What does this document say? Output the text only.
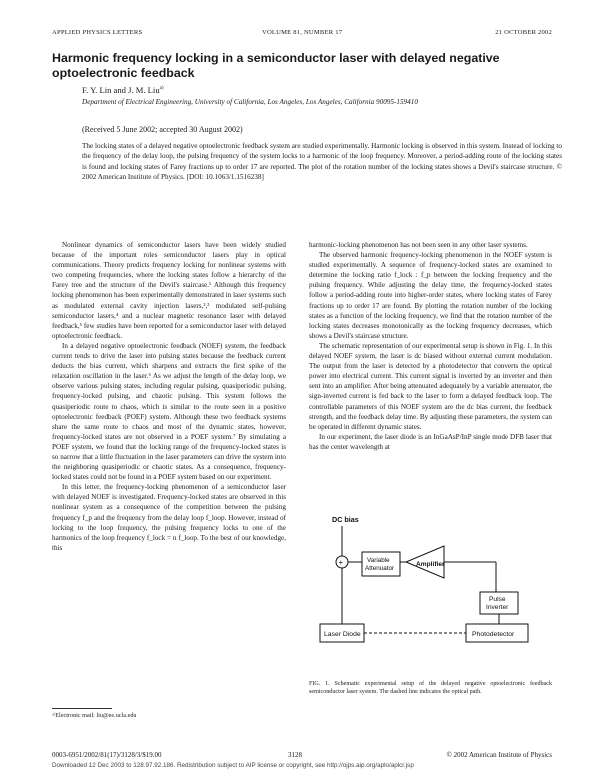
APPLIED PHYSICS LETTERS	VOLUME 81, NUMBER 17	21 OCTOBER 2002
Harmonic frequency locking in a semiconductor laser with delayed negative optoelectronic feedback
F. Y. Lin and J. M. Liu$^{a)}$
Department of Electrical Engineering, University of California, Los Angeles, Los Angeles, California 90095-159410
(Received 5 June 2002; accepted 30 August 2002)
The locking states of a delayed negative optoelectronic feedback system are studied experimentally. Harmonic locking is observed in this system. Instead of locking to the frequency of the delay loop, the pulsing frequency of the system locks to a harmonic of the loop frequency. Moreover, a period-adding route of the locking states is found and locking states of Farey fractions up to order 17 are reported. The plot of the rotation number of the locking states shows a Devil's staircase structure. © 2002 American Institute of Physics. [DOI: 10.1063/1.1516238]

Nonlinear dynamics of semiconductor lasers have been widely studied because of the important roles semiconductor lasers play in optical communications. Theory predicts frequency locking for nonlinear systems with two competing frequencies, where the locking states follow a hierarchy of the Farey tree and the structure of the Devil's staircase.¹ Although this frequency locking phenomenon has been experimentally demonstrated in laser systems such as modulated external cavity injection lasers,²,³ modulated self-pulsing semiconductor lasers,⁴ and a nuclear magnetic resonance laser with delayed feedback,⁵ few studies have been reported for a semiconductor laser with delayed optoelectronic feedback.

In a delayed negative optoelectronic feedback (NOEF) system, the feedback current tends to drive the laser into pulsing states because the feedback current deducts the bias current, which sharpens and extracts the first spike of the relaxation oscillation in the laser.⁶ As we adjust the length of the delay loop, we observe various pulsing states, including regular pulsing, quasiperiodic pulsing, frequency-locked pulsing, and chaotic pulsing. This system follows the quasiperiodic route to chaos, which is similar to the route seen in a positive optoelectronic feedback (POEF) system. Although these two feedback systems share the same route to chaos and most of the dynamic states, however, frequency-locked states are not observed in a POEF system.⁷ By simulating a POEF system, we found that the locking range of the frequency-locked states is so narrow that a little fluctuation in the laser parameters can drive the system into the neighboring quasiperiodic or chaotic states. As a consequence, frequency-locked states could not be found in a POEF system based on our experiment.

In this letter, the frequency-locking phenomenon of a semiconductor laser with delayed NOEF is investigated. Frequency-locked states are observed in this nonlinear system as a consequence of the competition between the pulsing frequency f_p and the frequency from the delay loop f_loop. However, instead of locking to the loop frequency, the pulsing frequency locks to one of the harmonics of the loop frequency f_lock = n f_loop. To the best of our knowledge, this

harmonic-locking phenomenon has not been seen in any other laser systems.

The observed harmonic frequency-locking phenomenon in the NOEF system is studied experimentally. A sequence of frequency-locked states are examined to determine the locking ratio f_lock : f_p between the locking frequency and the pulsing frequency. While adjusting the delay time, the frequency-locked states follow a period-adding route into higher-order states, where locking states of Farey fractions up to order 17 are found. By plotting the rotation number of the locking states as a function of the locking frequency, we find that the rotation number of the locking states decreases monotonically as the locking frequency decreases, which shows a Devil's staircase structure.

The schematic representation of our experimental setup is shown in Fig. 1. In this delayed NOEF system, the laser is dc biased without external current modulation. The output from the laser is detected by a photodetector that converts the optical power into electrical current. This current signal is inverted by an inverter and then sent into an amplifier. After being attenuated adequately by a variable attenuator, the sign-inverted current is fed back to the laser to form a delayed feedback loop. The controllable parameters of this NOEF system are the dc bias current, the feedback strength, and the feedback delay time. By adjusting these parameters, the system can be operated in different dynamic states.

In our experiment, the laser diode is an InGaAsP/InP single mode DFB laser that has the center wavelength at

DC bias
+	Variable Attenuator
Amplifier
Pulse Inverter
Photodetector
Laser Diode

FIG. 1. Schematic experimental setup of the delayed negative optoelectronic feedback semiconductor laser system. The dashed line indicates the optical path.

ᵃ⁾Electronic mail: liu@ee.ucla.edu
0003-6951/2002/81(17)/3128/3/$19.00	3128	© 2002 American Institute of Physics
Downloaded 12 Dec 2003 to 128.97.92.186. Redistribution subject to AIP license or copyright, see http://ojps.aip.org/aplo/aplcr.jsp
